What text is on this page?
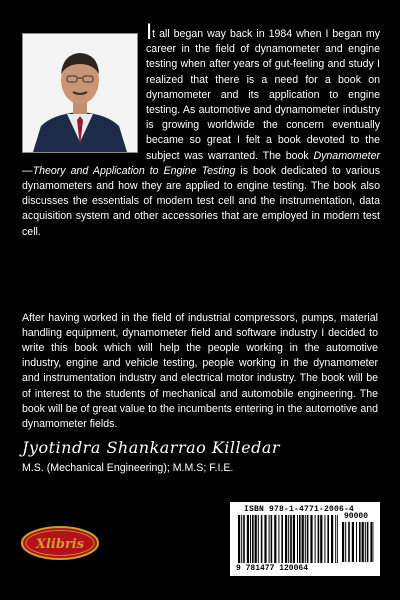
It all began way back in 1984 when I began my career in the field of dynamometer and engine testing when after years of gut-feeling and study I realized that there is a need for a book on dynamometer and its application to engine testing. As automotive and dynamometer industry is growing worldwide the concern eventually became so great I felt a book devoted to the subject was warranted. The book Dynamometer—Theory and Application to Engine Testing is book dedicated to various dynamometers and how they are applied to engine testing. The book also discusses the essentials of modern test cell and the instrumentation, data acquisition system and other accessories that are employed in modern test cell.

After having worked in the field of industrial compressors, pumps, material handling equipment, dynamometer field and software industry I decided to write this book which will help the people working in the automotive industry, engine and vehicle testing, people working in the dynamometer and instrumentation industry and electrical motor industry. The book will be of interest to the students of mechanical and automobile engineering. The book will be of great value to the incumbents entering in the automotive and dynamometer fields.

Jyotindra Shankarrao Killedar
M.S. (Mechanical Engineering); M.M.S; F.I.E.
Xlibris
ISBN 978-1-4771-2006-4
90000
9 781477 120064
